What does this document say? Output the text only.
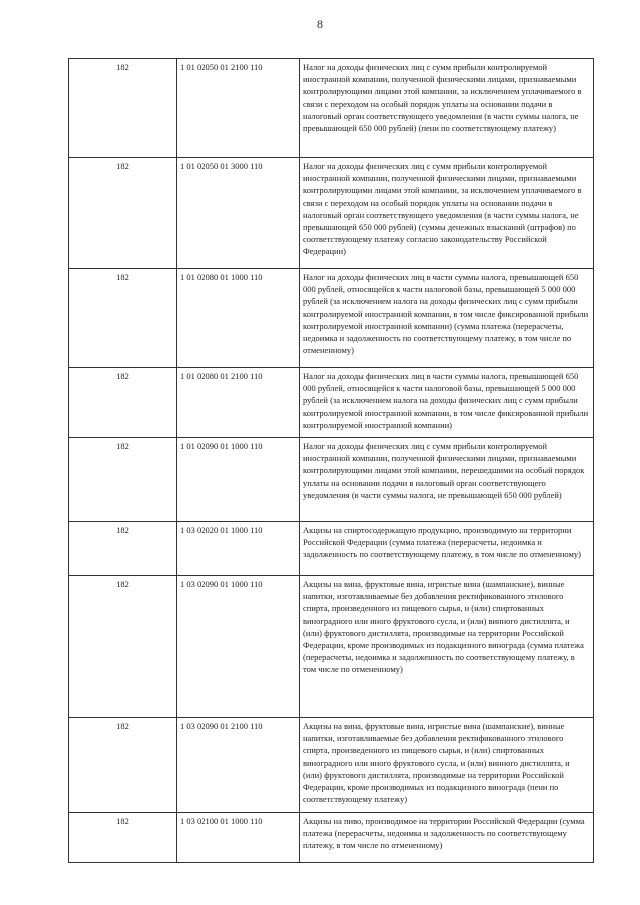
8
182	1 01 02050 01 2100 110	Налог на доходы физических лиц с сумм прибыли контролируемой иностранной компании, полученной физическими лицами, признаваемыми контролирующими лицами этой компании, за исключением уплачиваемого в связи с переходом на особый порядок уплаты на основании подачи в налоговый орган соответствующего уведомления (в части суммы налога, не превышающей 650 000 рублей) (пени по соответствующему платежу)
182	1 01 02050 01 3000 110	Налог на доходы физических лиц с сумм прибыли контролируемой иностранной компании, полученной физическими лицами, признаваемыми контролирующими лицами этой компании, за исключением уплачиваемого в связи с переходом на особый порядок уплаты на основании подачи в налоговый орган соответствующего уведомления (в части суммы налога, не превышающей 650 000 рублей) (суммы денежных взысканий (штрафов) по соответствующему платежу согласно законодательству Российской Федерации)
182	1 01 02080 01 1000 110	Налог на доходы физических лиц в части суммы налога, превышающей 650 000 рублей, относящейся к части налоговой базы, превышающей 5 000 000 рублей (за исключением налога на доходы физических лиц с сумм прибыли контролируемой иностранной компании, в том числе фиксированной прибыли контролируемой иностранной компании) (сумма платежа (перерасчеты, недоимка и задолженность по соответствующему платежу, в том числе по отмененному)
182	1 01 02080 01 2100 110	Налог на доходы физических лиц в части суммы налога, превышающей 650 000 рублей, относящейся к части налоговой базы, превышающей 5 000 000 рублей (за исключением налога на доходы физических лиц с сумм прибыли контролируемой иностранной компании, в том числе фиксированной прибыли контролируемой иностранной компании)
182	1 01 02090 01 1000 110	Налог на доходы физических лиц с сумм прибыли контролируемой иностранной компании, полученной физическими лицами, признаваемыми контролирующими лицами этой компании, перешедшими на особый порядок уплаты на основании подачи в налоговый орган соответствующего уведомления (в части суммы налога, не превышающей 650 000 рублей)
182	1 03 02020 01 1000 110	Акцизы на спиртосодержащую продукцию, производимую на территории Российской Федерации (сумма платежа (перерасчеты, недоимка и задолженность по соответствующему платежу, в том числе по отмененному)
182	1 03 02090 01 1000 110	Акцизы на вина, фруктовые вина, игристые вина (шампанские), винные напитки, изготавливаемые без добавления ректификованного этилового спирта, произведенного из пищевого сырья, и (или) спиртованных виноградного или иного фруктового сусла, и (или) винного дистиллята, и (или) фруктового дистиллята, производимые на территории Российской Федерации, кроме производимых из подакцизного винограда (сумма платежа (перерасчеты, недоимка и задолженность по соответствующему платежу, в том числе по отмененному)
182	1 03 02090 01 2100 110	Акцизы на вина, фруктовые вина, игристые вина (шампанские), винные напитки, изготавливаемые без добавления ректификованного этилового спирта, произведенного из пищевого сырья, и (или) спиртованных виноградного или иного фруктового сусла, и (или) винного дистиллята, и (или) фруктового дистиллята, производимые на территории Российской Федерации, кроме производимых из подакцизного винограда (пени по соответствующему платежу)
182	1 03 02100 01 1000 110	Акцизы на пиво, производимое на территории Российской Федерации (сумма платежа (перерасчеты, недоимка и задолженность по соответствующему платежу, в том числе по отмененному)
